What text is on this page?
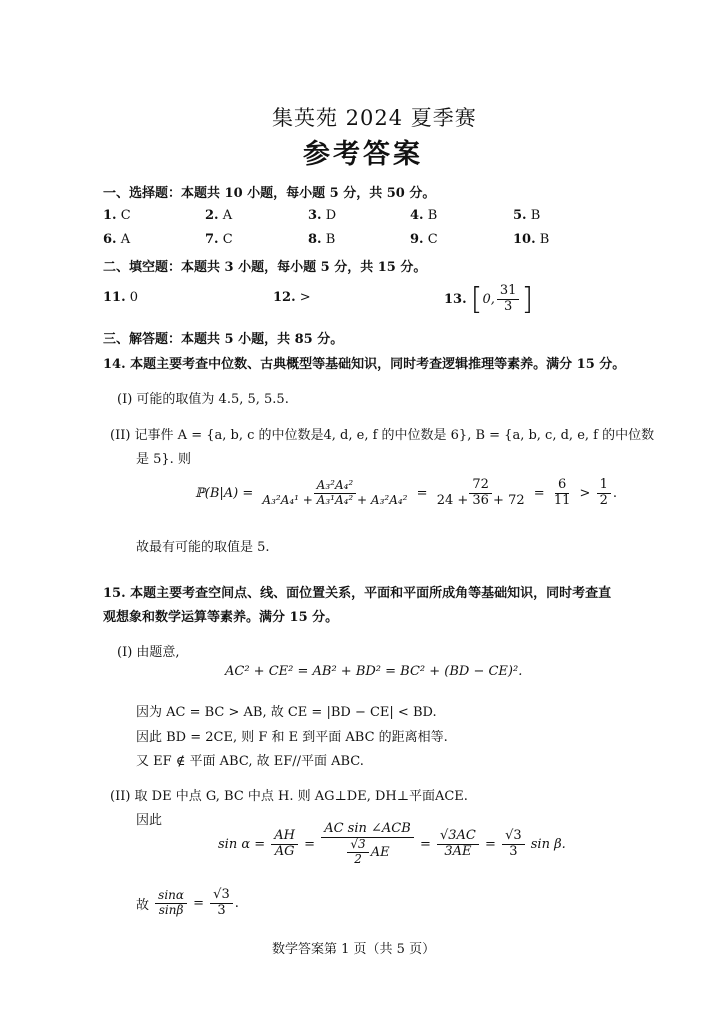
集英苑 2024 夏季赛
参考答案
一、选择题：本题共 10 小题，每小题 5 分，共 50 分。
1. C	2. A	3. D	4. B	5. B
6. A	7. C	8. B	9. C	10. B
二、填空题：本题共 3 小题，每小题 5 分，共 15 分。
11. 0	12. >	13. [0, $\frac{31}{3}$ ]
三、解答题：本题共 5 小题，共 85 分。
14. 本题主要考查中位数、古典概型等基础知识，同时考查逻辑推理等素养。满分 15 分。
(I) 可能的取值为 4.5, 5, 5.5.
(II) 记事件 A = {a, b, c 的中位数是4, d, e, f 的中位数是 6}, B = {a, b, c, d, e, f 的中位数
是 5}. 则
ℙ(B|A) = $\frac{\text{A₃²A₄²}}{\text{A₃²A₄¹ + A₃¹A₄² + A₃²A₄²}} = \frac{72}{24 + 36 + 72} = \frac{6}{11} > \frac{1}{2}$ .
故最有可能的取值是 5.
15. 本题主要考查空间点、线、面位置关系，平面和平面所成角等基础知识，同时考查直
观想象和数学运算等素养。满分 15 分。
(I) 由题意,
AC² + CE² = AB² + BD² = BC² + (BD − CE)².
因为 AC = BC > AB, 故 CE = |BD − CE| < BD.
因此 BD = 2CE, 则 F 和 E 到平面 ABC 的距离相等.
又 EF ∉ 平面 ABC, 故 EF//平面 ABC.
(II) 取 DE 中点 G, BC 中点 H. 则 AG⊥DE, DH⊥平面ACE.
因此
$\sin \alpha = \frac{AH}{AG} = \frac{\text{AC sin ∠ACB}}{\frac{√3}{2} AE} = \frac{√3AC}{3AE} = \frac{√3}{3}$ sin β.
故 $\frac{\sin\alpha}{\sin\beta} = \frac{√3}{3}$ .
数学答案第 1 页（共 5 页）
